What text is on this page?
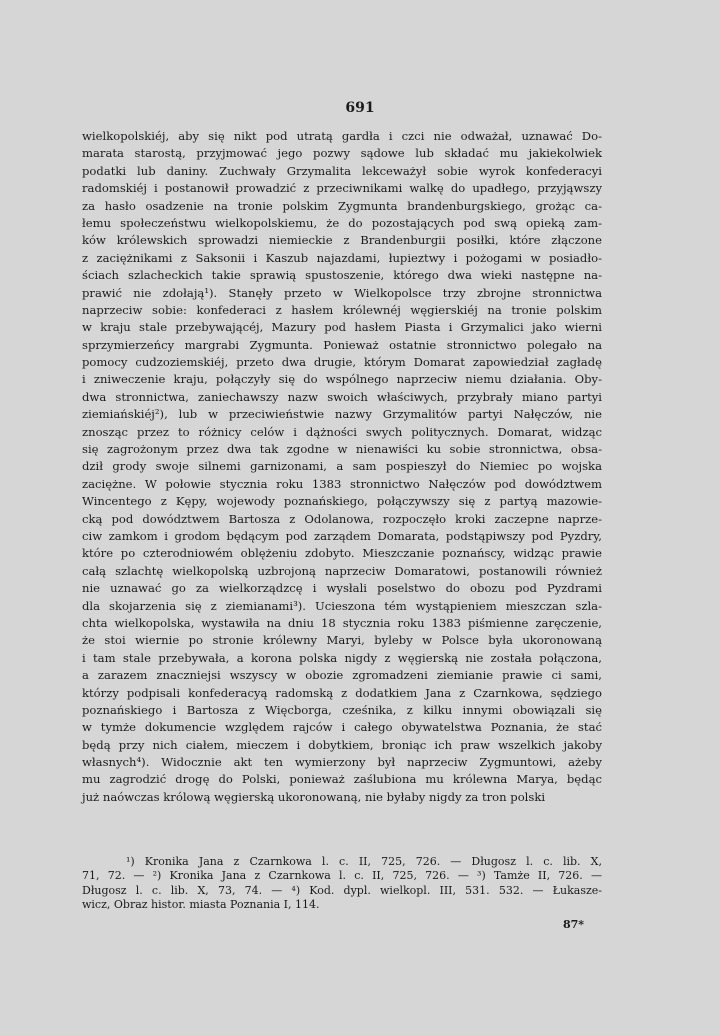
691
wielkopolskiéj, aby się nikt pod utratą gardła i czci nie odważał, uznawać Do-
marata starostą, przyjmować jego pozwy sądowe lub składać mu jakiekolwiek
podatki lub daniny. Zuchwały Grzymalita lekceważył sobie wyrok konfederacyi
radomskiéj i postanowił prowadzić z przeciwnikami walkę do upadłego, przyjąwszy
za hasło osadzenie na tronie polskim Zygmunta brandenburgskiego, grożąc ca-
łemu społeczeństwu wielkopolskiemu, że do pozostających pod swą opieką zam-
ków królewskich sprowadzi niemieckie z Brandenburgii posiłki, które złączone
z zaciężnikami z Saksonii i Kaszub najazdami, łupieztwy i pożogami w posiadło-
ściach szlacheckich takie sprawią spustoszenie, którego dwa wieki następne na-
prawić nie zdołają¹). Stanęły przeto w Wielkopolsce trzy zbrojne stronnictwa
naprzeciw sobie: konfederaci z hasłem królewnéj węgierskiéj na tronie polskim
w kraju stale przebywającéj, Mazury pod hasłem Piasta i Grzymalici jako wierni
sprzymierzeńcy margrabi Zygmunta. Ponieważ ostatnie stronnictwo polegało na
pomocy cudzoziemskiéj, przeto dwa drugie, którym Domarat zapowiedział zagładę
i zniweczenie kraju, połączyły się do wspólnego naprzeciw niemu działania. Oby-
dwa stronnictwa, zaniechawszy nazw swoich właściwych, przybrały miano partyi
ziemiańskiéj²), lub w przeciwieństwie nazwy Grzymalitów partyi Nałęczów, nie
znosząc przez to różnicy celów i dążności swych politycznych. Domarat, widząc
się zagrożonym przez dwa tak zgodne w nienawiści ku sobie stronnictwa, obsa-
dził grody swoje silnemi garnizonami, a sam pospieszył do Niemiec po wojska
zaciężne. W połowie stycznia roku 1383 stronnictwo Nałęczów pod dowództwem
Wincentego z Kępy, wojewody poznańskiego, połączywszy się z partyą mazowie-
cką pod dowództwem Bartosza z Odolanowa, rozpoczęło kroki zaczepne naprze-
ciw zamkom i grodom będącym pod zarządem Domarata, podstąpiwszy pod Pyzdry,
które po czterodniowém oblężeniu zdobyto. Mieszczanie poznańscy, widząc prawie
całą szlachtę wielkopolską uzbrojoną naprzeciw Domaratowi, postanowili również
nie uznawać go za wielkorządzcę i wysłali poselstwo do obozu pod Pyzdrami
dla skojarzenia się z ziemianami³). Ucieszona tém wystąpieniem mieszczan szla-
chta wielkopolska, wystawiła na dniu 18 stycznia roku 1383 piśmienne zaręczenie,
że stoi wiernie po stronie królewny Maryi, byleby w Polsce była ukoronowaną
i tam stale przebywała, a korona polska nigdy z węgierską nie została połączona,
a zarazem znaczniejsi wszyscy w obozie zgromadzeni ziemianie prawie ci sami,
którzy podpisali konfederacyą radomską z dodatkiem Jana z Czarnkowa, sędziego
poznańskiego i Bartosza z Więcborga, cześnika, z kilku innymi obowiązali się
w tymże dokumencie względem rajców i całego obywatelstwa Poznania, że stać
będą przy nich ciałem, mieczem i dobytkiem, broniąc ich praw wszelkich jakoby
własnych⁴). Widocznie akt ten wymierzony był naprzeciw Zygmuntowi, ażeby
mu zagrodzić drogę do Polski, ponieważ zaślubiona mu królewna Marya, będąc
już naówczas królową węgierską ukoronowaną, nie byłaby nigdy za tron polski
¹) Kronika Jana z Czarnkowa l. c. II, 725, 726. — Długosz l. c. lib. X,
71, 72. — ²) Kronika Jana z Czarnkowa l. c. II, 725, 726. — ³) Tamże II, 726. —
Długosz l. c. lib. X, 73, 74. — ⁴) Kod. dypl. wielkopl. III, 531. 532. — Łukasze-
wicz, Obraz histor. miasta Poznania I, 114.
87*
